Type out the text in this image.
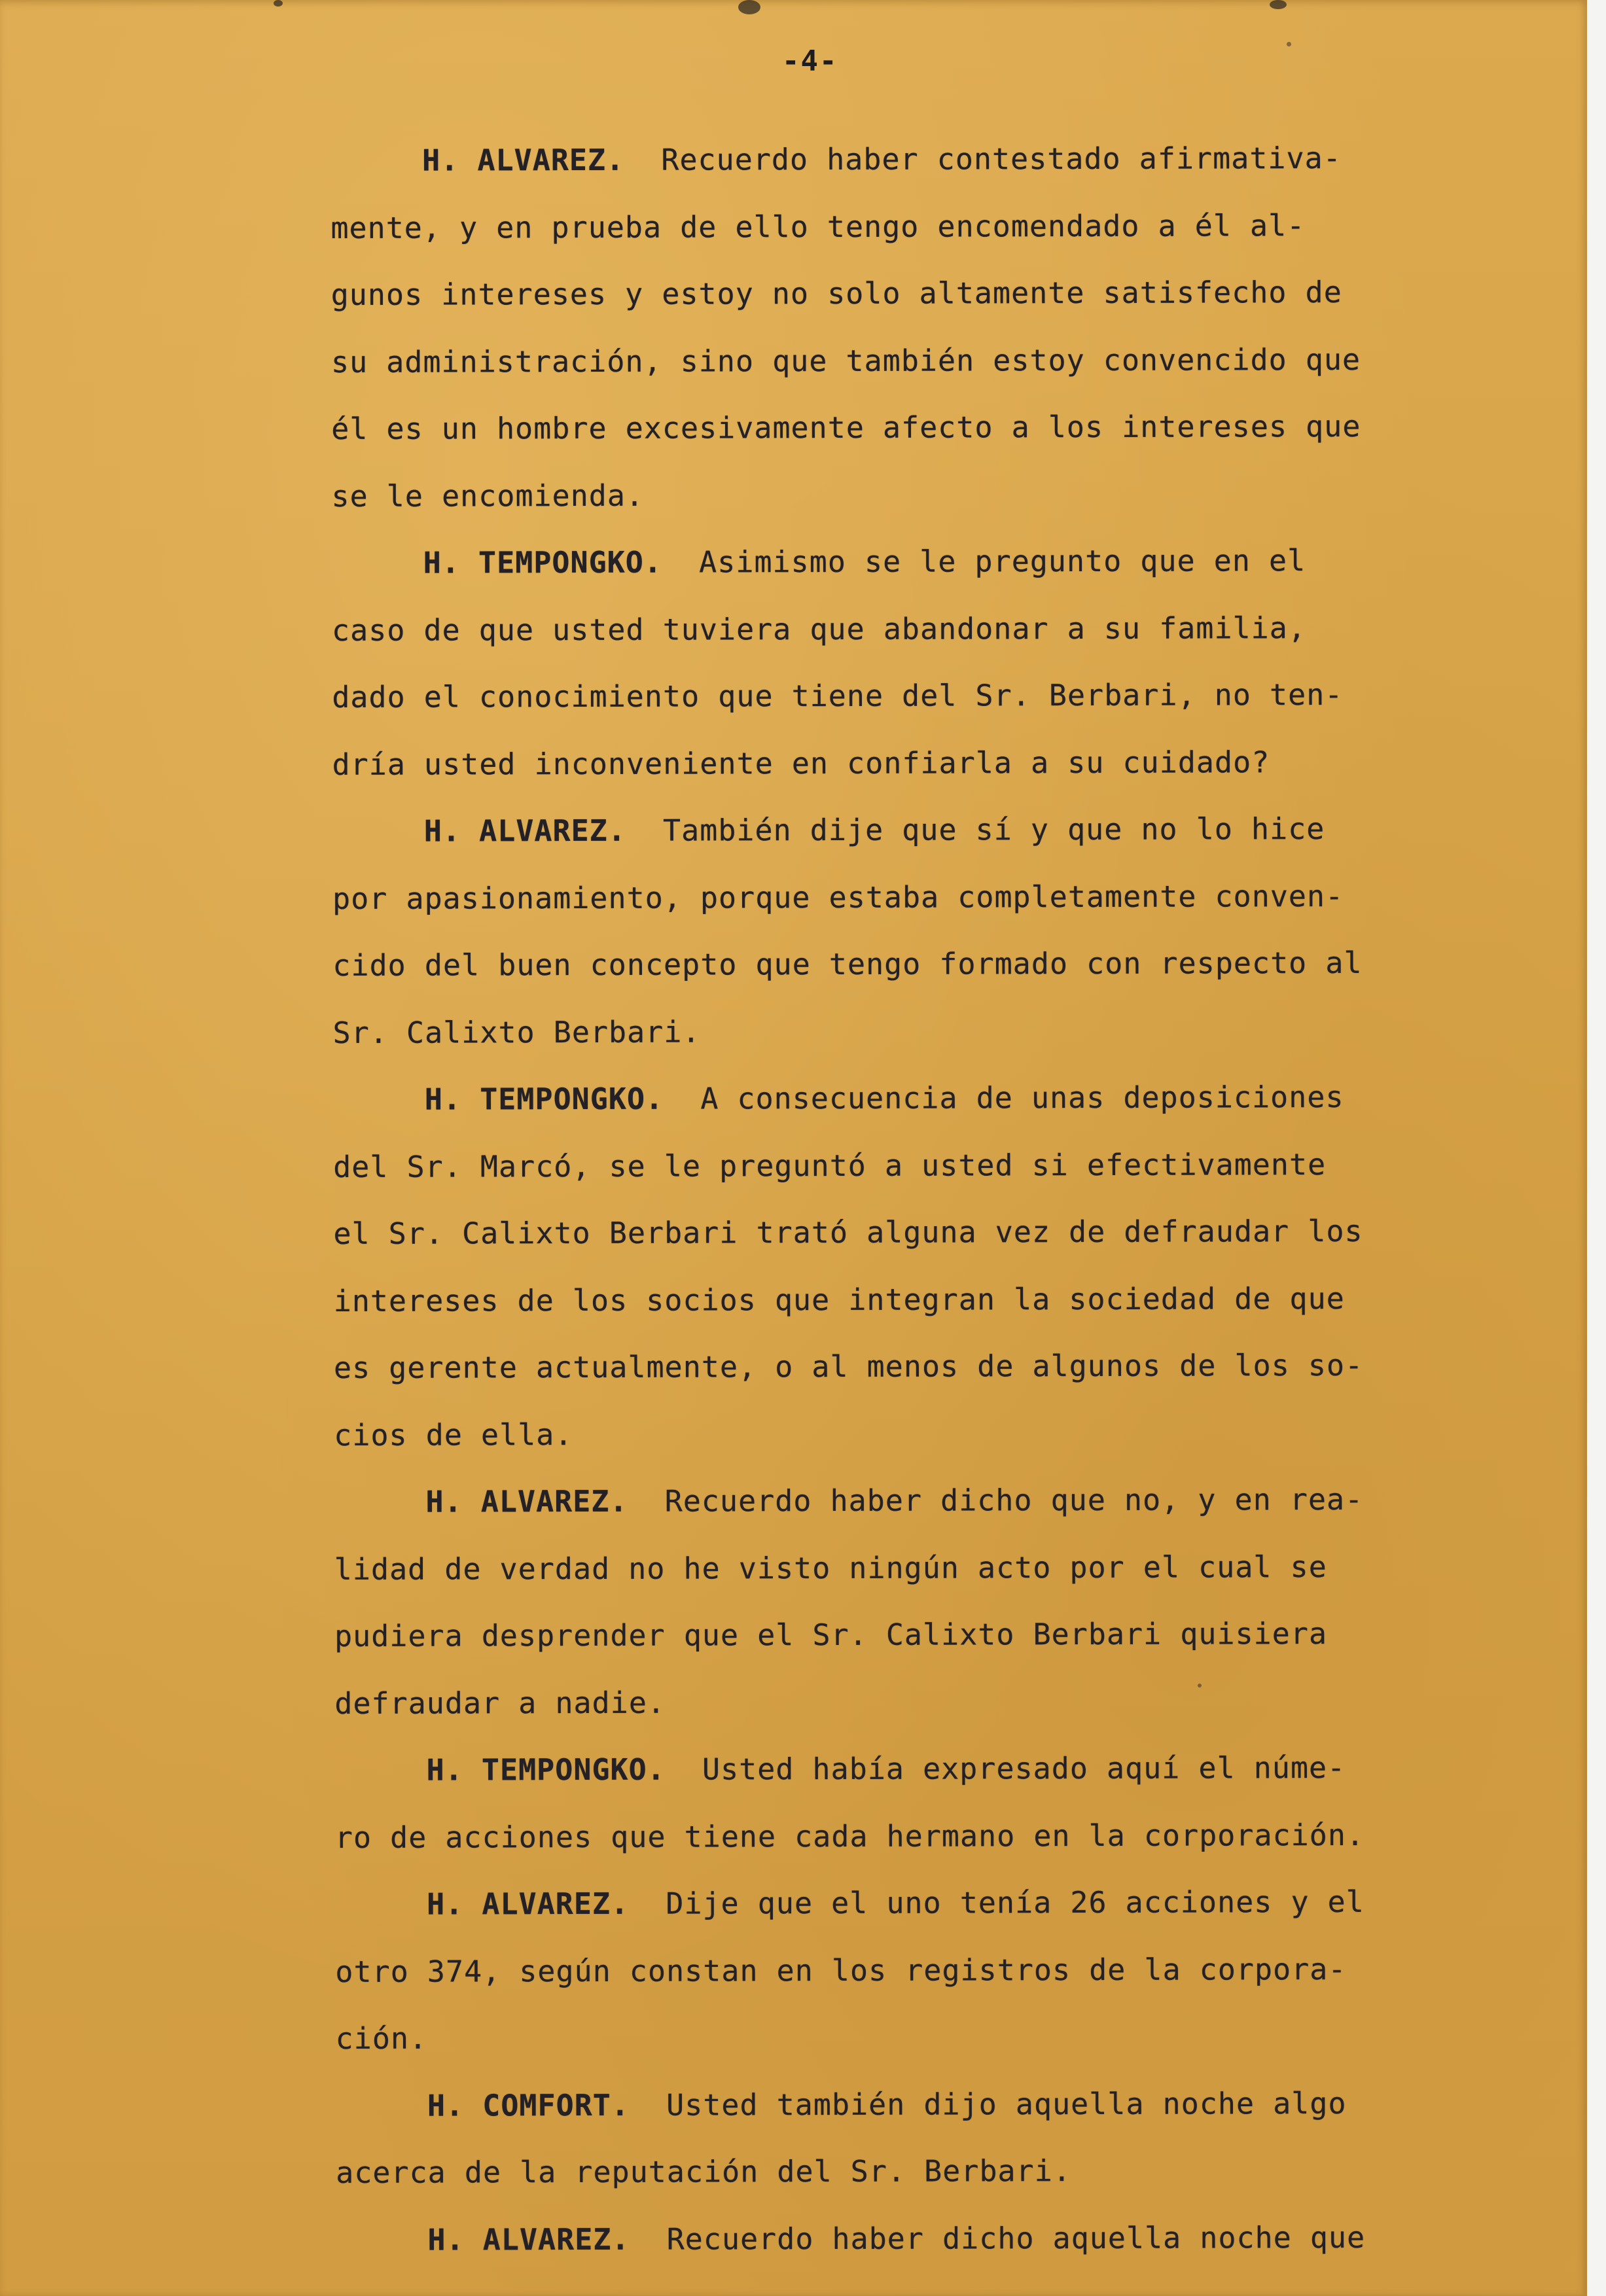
-4-
H. ALVAREZ. Recuerdo haber contestado afirmativa-
mente, y en prueba de ello tengo encomendado a él al-
gunos intereses y estoy no solo altamente satisfecho de
su administración, sino que también estoy convencido que
él es un hombre excesivamente afecto a los intereses que
se le encomienda.
H. TEMPONGKO. Asimismo se le pregunto que en el
caso de que usted tuviera que abandonar a su familia,
dado el conocimiento que tiene del Sr. Berbari, no ten-
dría usted inconveniente en confiarla a su cuidado?
H. ALVAREZ. También dije que sí y que no lo hice
por apasionamiento, porque estaba completamente conven-
cido del buen concepto que tengo formado con respecto al
Sr. Calixto Berbari.
H. TEMPONGKO. A consecuencia de unas deposiciones
del Sr. Marcó, se le preguntó a usted si efectivamente
el Sr. Calixto Berbari trató alguna vez de defraudar los
intereses de los socios que integran la sociedad de que
es gerente actualmente, o al menos de algunos de los so-
cios de ella.
H. ALVAREZ. Recuerdo haber dicho que no, y en rea-
lidad de verdad no he visto ningún acto por el cual se
pudiera desprender que el Sr. Calixto Berbari quisiera
defraudar a nadie.
H. TEMPONGKO. Usted había expresado aquí el núme-
ro de acciones que tiene cada hermano en la corporación.
H. ALVAREZ. Dije que el uno tenía 26 acciones y el
otro 374, según constan en los registros de la corpora-
ción.
H. COMFORT. Usted también dijo aquella noche algo
acerca de la reputación del Sr. Berbari.
H. ALVAREZ. Recuerdo haber dicho aquella noche que
